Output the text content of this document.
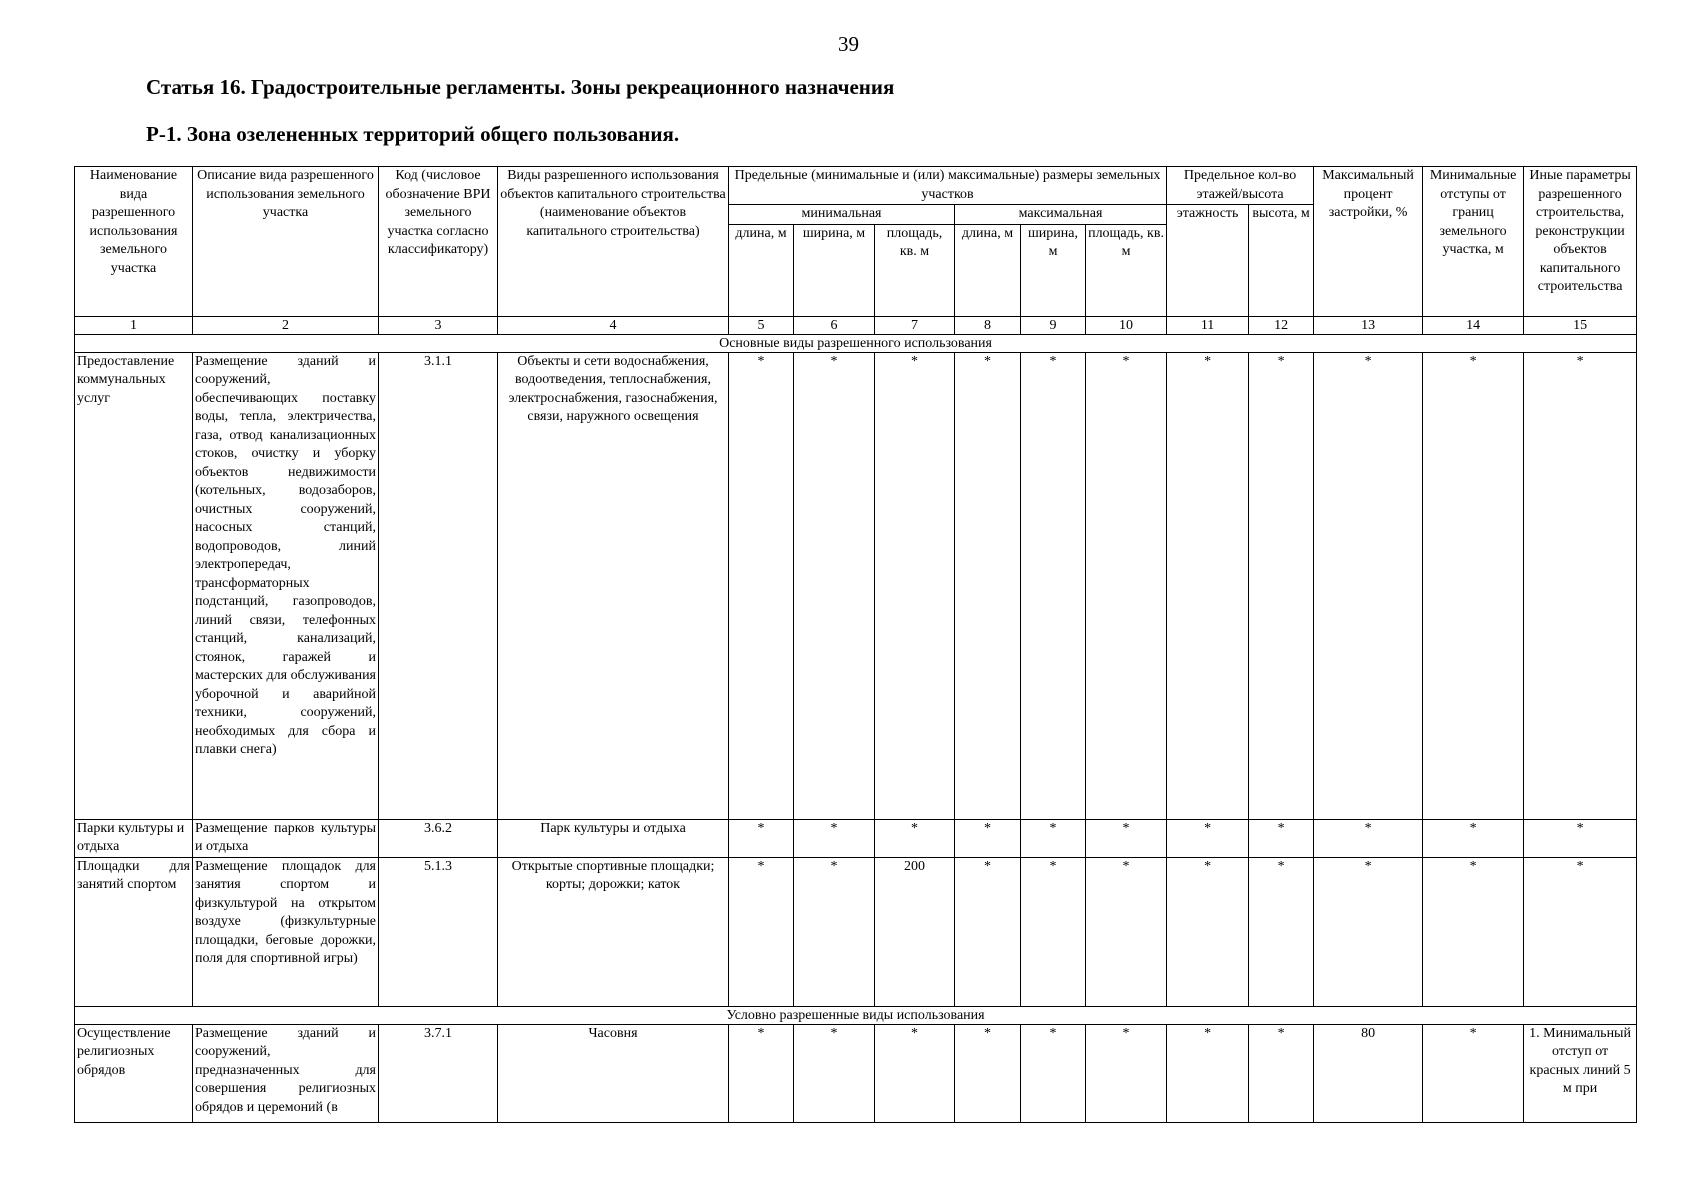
39
Статья 16. Градостроительные регламенты. Зоны рекреационного назначения
Р-1. Зона озелененных территорий общего пользования.
Наименование вида разрешенного использования земельного участка	Описание вида разрешенного использования земельного участка	Код (числовое обозначение ВРИ земельного участка согласно классификатору)	Виды разрешенного использования объектов капитального строительства (наименование объектов капитального строительства)	Предельные (минимальные и (или) максимальные) размеры земельных участков						Предельное кол-во этажей/высота		Максимальный процент застройки, %	Минимальные отступы от границ земельного участка, м	Иные параметры разрешенного строительства, реконструкции объектов капитального строительства
				минимальная			максимальная			этажность	высота, м			
				длина, м	ширина, м	площадь, кв. м	длина, м	ширина, м	площадь, кв. м					
1	2	3	4	5	6	7	8	9	10	11	12	13	14	15
Основные виды разрешенного использования														
Предоставление коммунальных услуг	Размещение зданий и сооружений, обеспечивающих поставку воды, тепла, электричества, газа, отвод канализационных стоков, очистку и уборку объектов недвижимости (котельных, водозаборов, очистных сооружений, насосных станций, водопроводов, линий электропередач, трансформаторных подстанций, газопроводов, линий связи, телефонных станций, канализаций, стоянок, гаражей и мастерских для обслуживания уборочной и аварийной техники, сооружений, необходимых для сбора и плавки снега)	3.1.1	Объекты и сети водоснабжения, водоотведения, теплоснабжения, электроснабжения, газоснабжения, связи, наружного освещения	*	*	*	*	*	*	*	*	*	*	*
Парки культуры и отдыха	Размещение парков культуры и отдыха	3.6.2	Парк культуры и отдыха	*	*	*	*	*	*	*	*	*	*	*
Площадки для занятий спортом	Размещение площадок для занятия спортом и физкультурой на открытом воздухе (физкультурные площадки, беговые дорожки, поля для спортивной игры)	5.1.3	Открытые спортивные площадки; корты; дорожки; каток	*	*	200	*	*	*	*	*	*	*	*
Условно разрешенные виды использования														
Осуществление религиозных обрядов	Размещение зданий и сооружений, предназначенных для совершения религиозных обрядов и церемоний (в	3.7.1	Часовня	*	*	*	*	*	*	*	*	80	*	1. Минимальный отступ от красных линий 5 м при
